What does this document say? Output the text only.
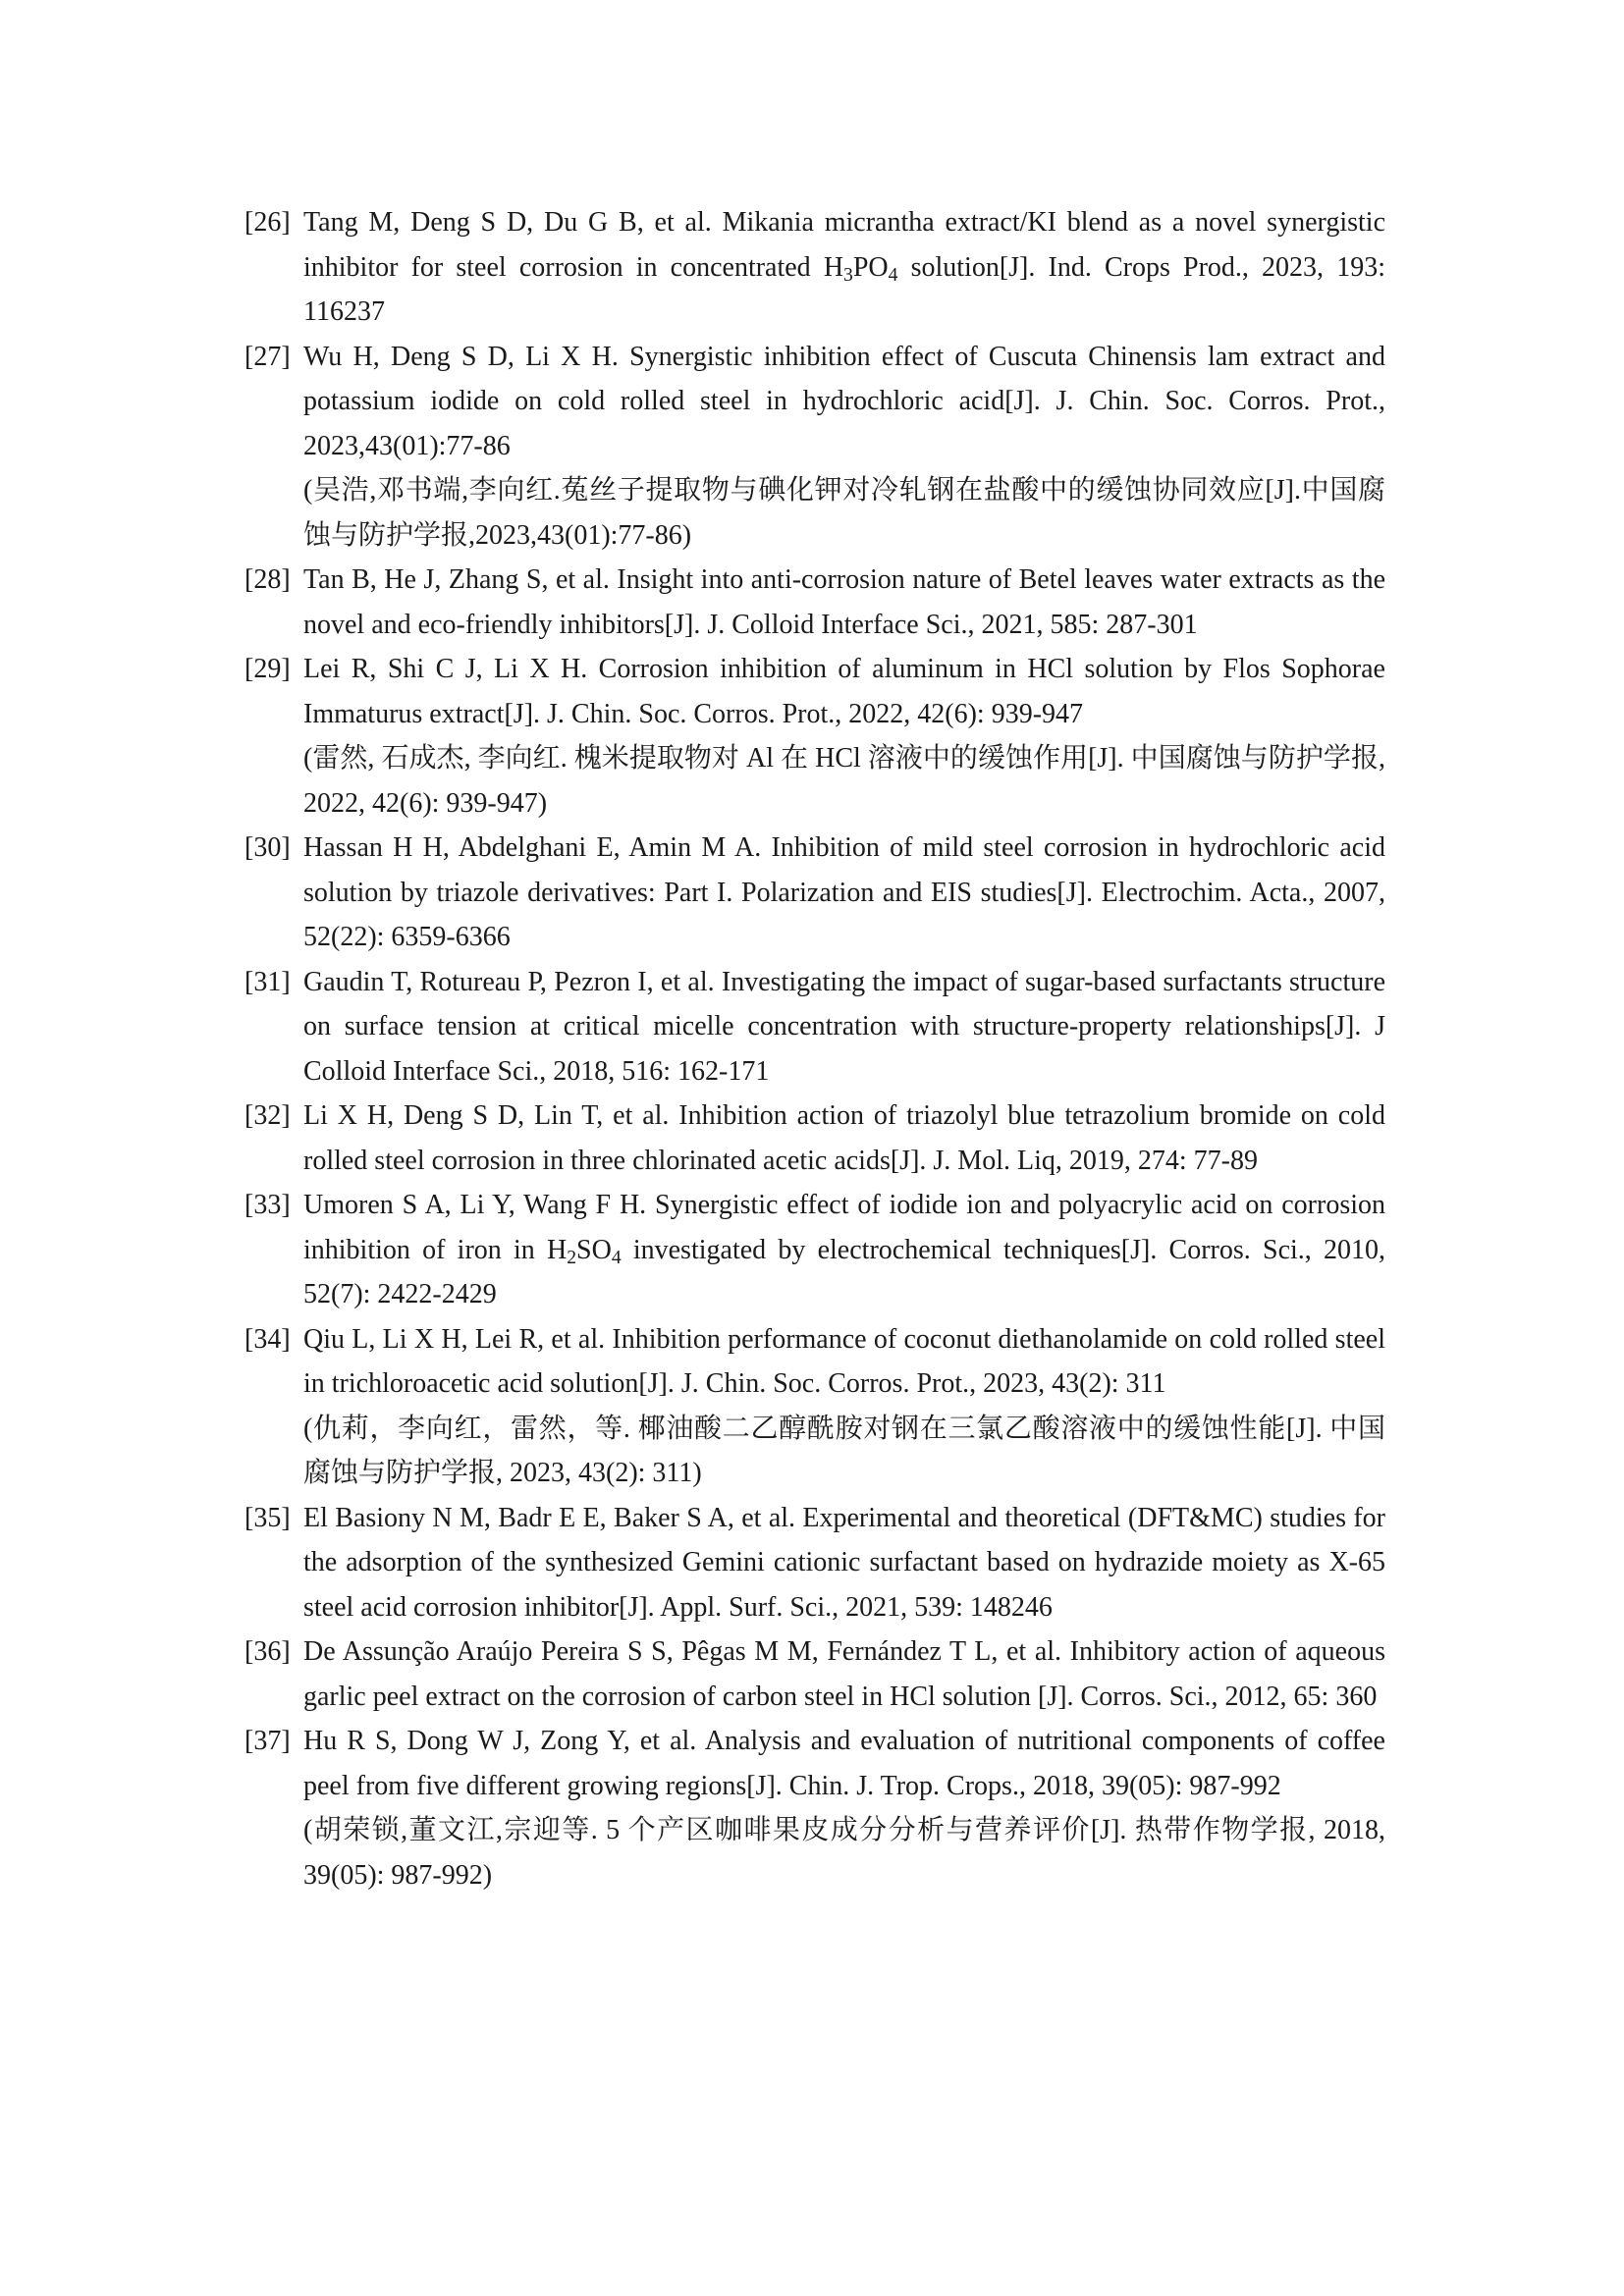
[26] Tang M, Deng S D, Du G B, et al. Mikania micrantha extract/KI blend as a novel synergistic inhibitor for steel corrosion in concentrated $H_3PO_4$ solution[J]. Ind. Crops Prod., 2023, 193: 116237
[27] Wu H, Deng S D, Li X H. Synergistic inhibition effect of Cuscuta Chinensis lam extract and potassium iodide on cold rolled steel in hydrochloric acid[J]. J. Chin. Soc. Corros. Prot., 2023,43(01):77-86
(吴浩,邓书端,李向红.菟丝子提取物与碘化钾对冷轧钢在盐酸中的缓蚀协同效应[J].中国腐蚀与防护学报,2023,43(01):77-86)
[28] Tan B, He J, Zhang S, et al. Insight into anti-corrosion nature of Betel leaves water extracts as the novel and eco-friendly inhibitors[J]. J. Colloid Interface Sci., 2021, 585: 287-301
[29] Lei R, Shi C J, Li X H. Corrosion inhibition of aluminum in HCl solution by Flos Sophorae Immaturus extract[J]. J. Chin. Soc. Corros. Prot., 2022, 42(6): 939-947
(雷然, 石成杰, 李向红. 槐米提取物对 Al 在 HCl 溶液中的缓蚀作用[J]. 中国腐蚀与防护学报, 2022, 42(6): 939-947)
[30] Hassan H H, Abdelghani E, Amin M A. Inhibition of mild steel corrosion in hydrochloric acid solution by triazole derivatives: Part I. Polarization and EIS studies[J]. Electrochim. Acta., 2007, 52(22): 6359-6366
[31] Gaudin T, Rotureau P, Pezron I, et al. Investigating the impact of sugar-based surfactants structure on surface tension at critical micelle concentration with structure-property relationships[J]. J Colloid Interface Sci., 2018, 516: 162-171
[32] Li X H, Deng S D, Lin T, et al. Inhibition action of triazolyl blue tetrazolium bromide on cold rolled steel corrosion in three chlorinated acetic acids[J]. J. Mol. Liq, 2019, 274: 77-89
[33] Umoren S A, Li Y, Wang F H. Synergistic effect of iodide ion and polyacrylic acid on corrosion inhibition of iron in $H_2SO_4$ investigated by electrochemical techniques[J]. Corros. Sci., 2010, 52(7): 2422-2429
[34] Qiu L, Li X H, Lei R, et al. Inhibition performance of coconut diethanolamide on cold rolled steel in trichloroacetic acid solution[J]. J. Chin. Soc. Corros. Prot., 2023, 43(2): 311
(仇莉，李向红，雷然，等. 椰油酸二乙醇酰胺对钢在三氯乙酸溶液中的缓蚀性能[J]. 中国腐蚀与防护学报, 2023, 43(2): 311)
[35] El Basiony N M, Badr E E, Baker S A, et al. Experimental and theoretical (DFT&MC) studies for the adsorption of the synthesized Gemini cationic surfactant based on hydrazide moiety as X-65 steel acid corrosion inhibitor[J]. Appl. Surf. Sci., 2021, 539: 148246
[36] De Assunção Araújo Pereira S S, Pêgas M M, Fernández T L, et al. Inhibitory action of aqueous garlic peel extract on the corrosion of carbon steel in HCl solution [J]. Corros. Sci., 2012, 65: 360
[37] Hu R S, Dong W J, Zong Y, et al. Analysis and evaluation of nutritional components of coffee peel from five different growing regions[J]. Chin. J. Trop. Crops., 2018, 39(05): 987-992
(胡荣锁,董文江,宗迎等. 5 个产区咖啡果皮成分分析与营养评价[J]. 热带作物学报, 2018, 39(05): 987-992)
